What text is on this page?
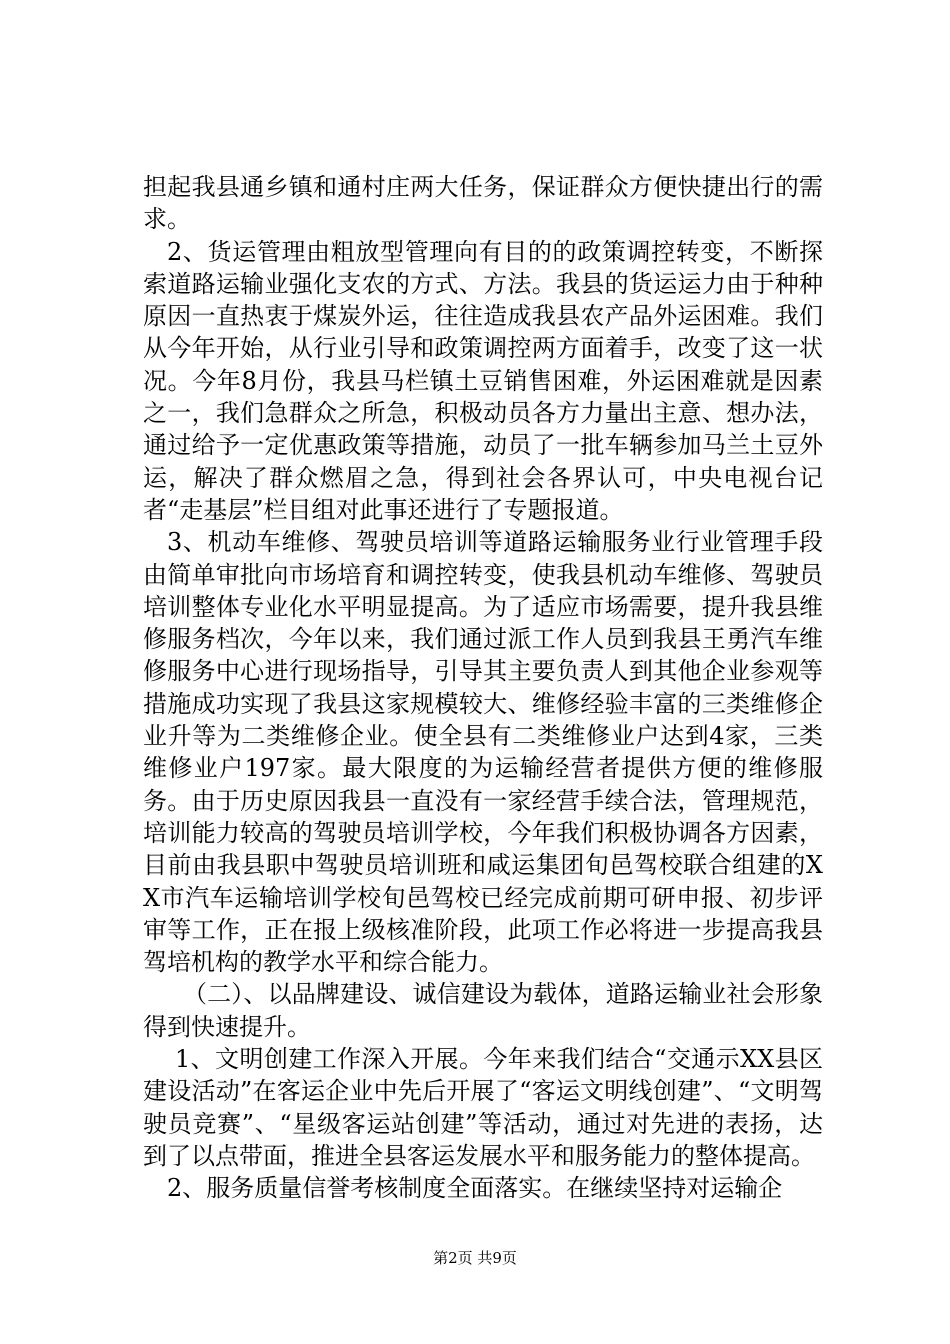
担起我县通乡镇和通村庄两大任务，保证群众方便快捷出行的需求。

2、货运管理由粗放型管理向有目的的政策调控转变，不断探索道路运输业强化支农的方式、方法。我县的货运运力由于种种原因一直热衷于煤炭外运，往往造成我县农产品外运困难。我们从今年开始，从行业引导和政策调控两方面着手，改变了这一状况。今年8月份，我县马栏镇土豆销售困难，外运困难就是因素之一，我们急群众之所急，积极动员各方力量出主意、想办法，通过给予一定优惠政策等措施，动员了一批车辆参加马兰土豆外运，解决了群众燃眉之急，得到社会各界认可，中央电视台记者“走基层”栏目组对此事还进行了专题报道。

3、机动车维修、驾驶员培训等道路运输服务业行业管理手段由简单审批向市场培育和调控转变，使我县机动车维修、驾驶员培训整体专业化水平明显提高。为了适应市场需要，提升我县维修服务档次，今年以来，我们通过派工作人员到我县王勇汽车维修服务中心进行现场指导，引导其主要负责人到其他企业参观等措施成功实现了我县这家规模较大、维修经验丰富的三类维修企业升等为二类维修企业。使全县有二类维修业户达到4家，三类维修业户197家。最大限度的为运输经营者提供方便的维修服务。由于历史原因我县一直没有一家经营手续合法，管理规范，培训能力较高的驾驶员培训学校，今年我们积极协调各方因素，目前由我县职中驾驶员培训班和咸运集团旬邑驾校联合组建的XX市汽车运输培训学校旬邑驾校已经完成前期可研申报、初步评审等工作，正在报上级核准阶段，此项工作必将进一步提高我县驾培机构的教学水平和综合能力。

（二）、以品牌建设、诚信建设为载体，道路运输业社会形象得到快速提升。

1、文明创建工作深入开展。今年来我们结合“交通示XX县区建设活动”在客运企业中先后开展了“客运文明线创建”、“文明驾驶员竞赛”、“星级客运站创建”等活动，通过对先进的表扬，达到了以点带面，推进全县客运发展水平和服务能力的整体提高。

2、服务质量信誉考核制度全面落实。在继续坚持对运输企

第2页 共9页
